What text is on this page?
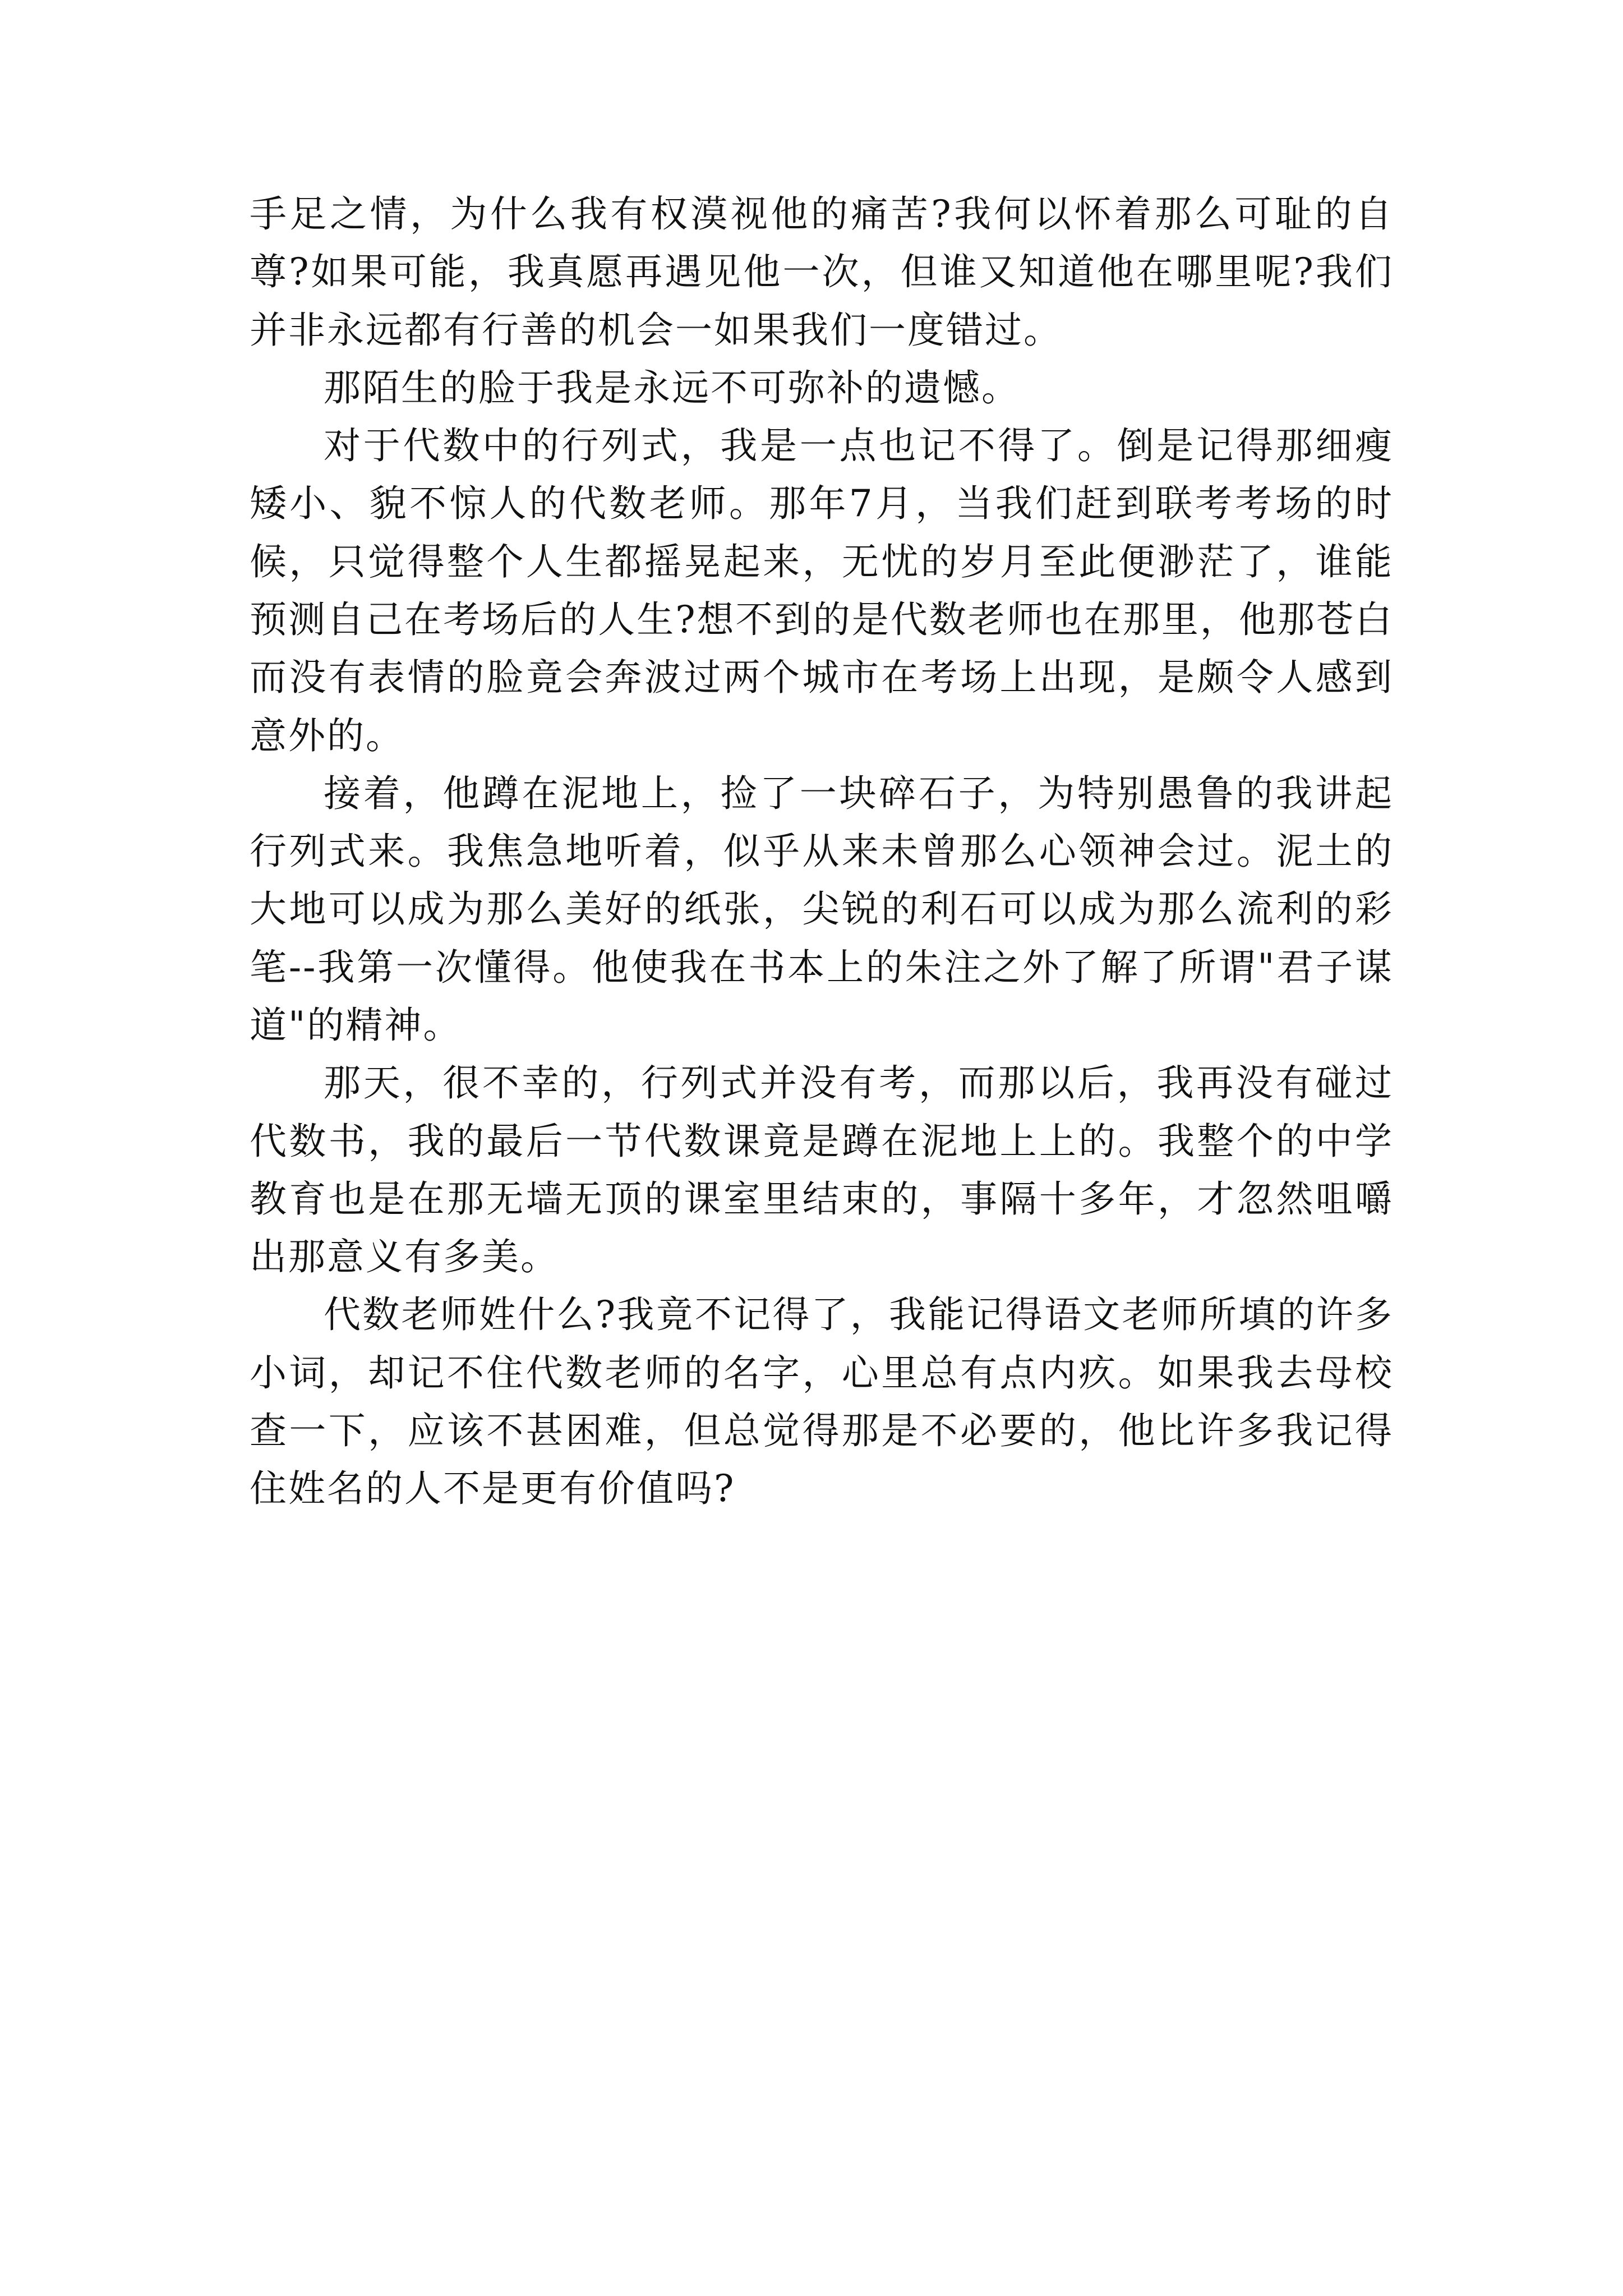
手足之情，为什么我有权漠视他的痛苦?我何以怀着那么可耻的自尊?如果可能，我真愿再遇见他一次，但谁又知道他在哪里呢?我们并非永远都有行善的机会一如果我们一度错过。

那陌生的脸于我是永远不可弥补的遗憾。

对于代数中的行列式，我是一点也记不得了。倒是记得那细瘦矮小、貌不惊人的代数老师。那年7月，当我们赶到联考考场的时候，只觉得整个人生都摇晃起来，无忧的岁月至此便渺茫了，谁能预测自己在考场后的人生?想不到的是代数老师也在那里，他那苍白而没有表情的脸竟会奔波过两个城市在考场上出现，是颇令人感到意外的。

接着，他蹲在泥地上，捡了一块碎石子，为特别愚鲁的我讲起行列式来。我焦急地听着，似乎从来未曾那么心领神会过。泥土的大地可以成为那么美好的纸张，尖锐的利石可以成为那么流利的彩笔--我第一次懂得。他使我在书本上的朱注之外了解了所谓"君子谋道"的精神。

那天，很不幸的，行列式并没有考，而那以后，我再没有碰过代数书，我的最后一节代数课竟是蹲在泥地上上的。我整个的中学教育也是在那无墙无顶的课室里结束的，事隔十多年，才忽然咀嚼出那意义有多美。

代数老师姓什么?我竟不记得了，我能记得语文老师所填的许多小词，却记不住代数老师的名字，心里总有点内疚。如果我去母校查一下，应该不甚困难，但总觉得那是不必要的，他比许多我记得住姓名的人不是更有价值吗?
